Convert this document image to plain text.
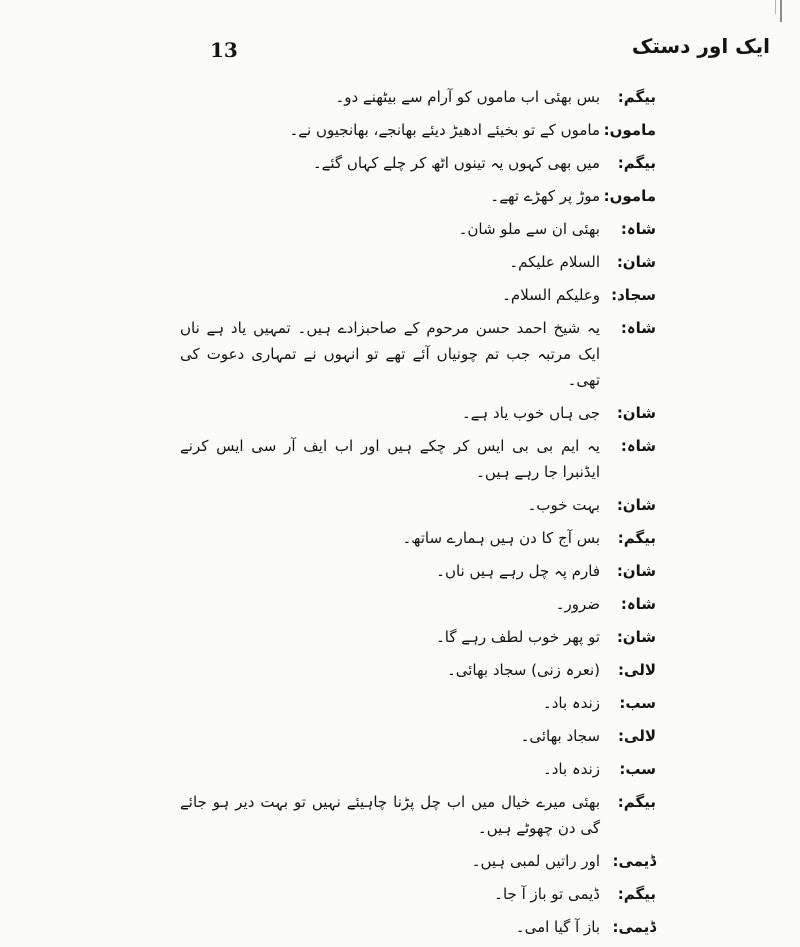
13	ایک اور دستک
بیگم:
بس بھئی اب ماموں کو آرام سے بیٹھنے دو۔
ماموں:
ماموں کے تو بخیئے ادھیڑ دیئے بھانجے، بھانجیوں نے۔
بیگم:
میں بھی کہوں یہ تینوں اٹھ کر چلے کہاں گئے۔
ماموں:
موڑ پر کھڑے تھے۔
شاہ:
بھئی ان سے ملو شان۔
شان:
السلام علیکم۔
سجاد:
وعلیکم السلام۔
شاہ:
یہ شیخ احمد حسن مرحوم کے صاحبزادے ہیں۔ تمہیں یاد ہے ناں ایک مرتبہ جب تم چونیاں آئے تھے تو انہوں نے تمہاری دعوت کی تھی۔
شان:
جی ہاں خوب یاد ہے۔
شاہ:
یہ ایم بی بی ایس کر چکے ہیں اور اب ایف آر سی ایس کرنے ایڈنبرا جا رہے ہیں۔
شان:
بہت خوب۔
بیگم:
بس آج کا دن ہیں ہمارے ساتھ۔
شان:
فارم پہ چل رہے ہیں ناں۔
شاہ:
ضرور۔
شان:
تو پھر خوب لطف رہے گا۔
لالی:
(نعرہ زنی) سجاد بھائی۔
سب:
زندہ باد۔
لالی:
سجاد بھائی۔
سب:
زندہ باد۔
بیگم:
بھئی میرے خیال میں اب چل پڑنا چاہیئے نہیں تو بہت دیر ہو جائے گی دن چھوٹے ہیں۔
ڈیمی:
اور راتیں لمبی ہیں۔
بیگم:
ڈیمی تو باز آ جا۔
ڈیمی:
باز آ گیا امی۔
